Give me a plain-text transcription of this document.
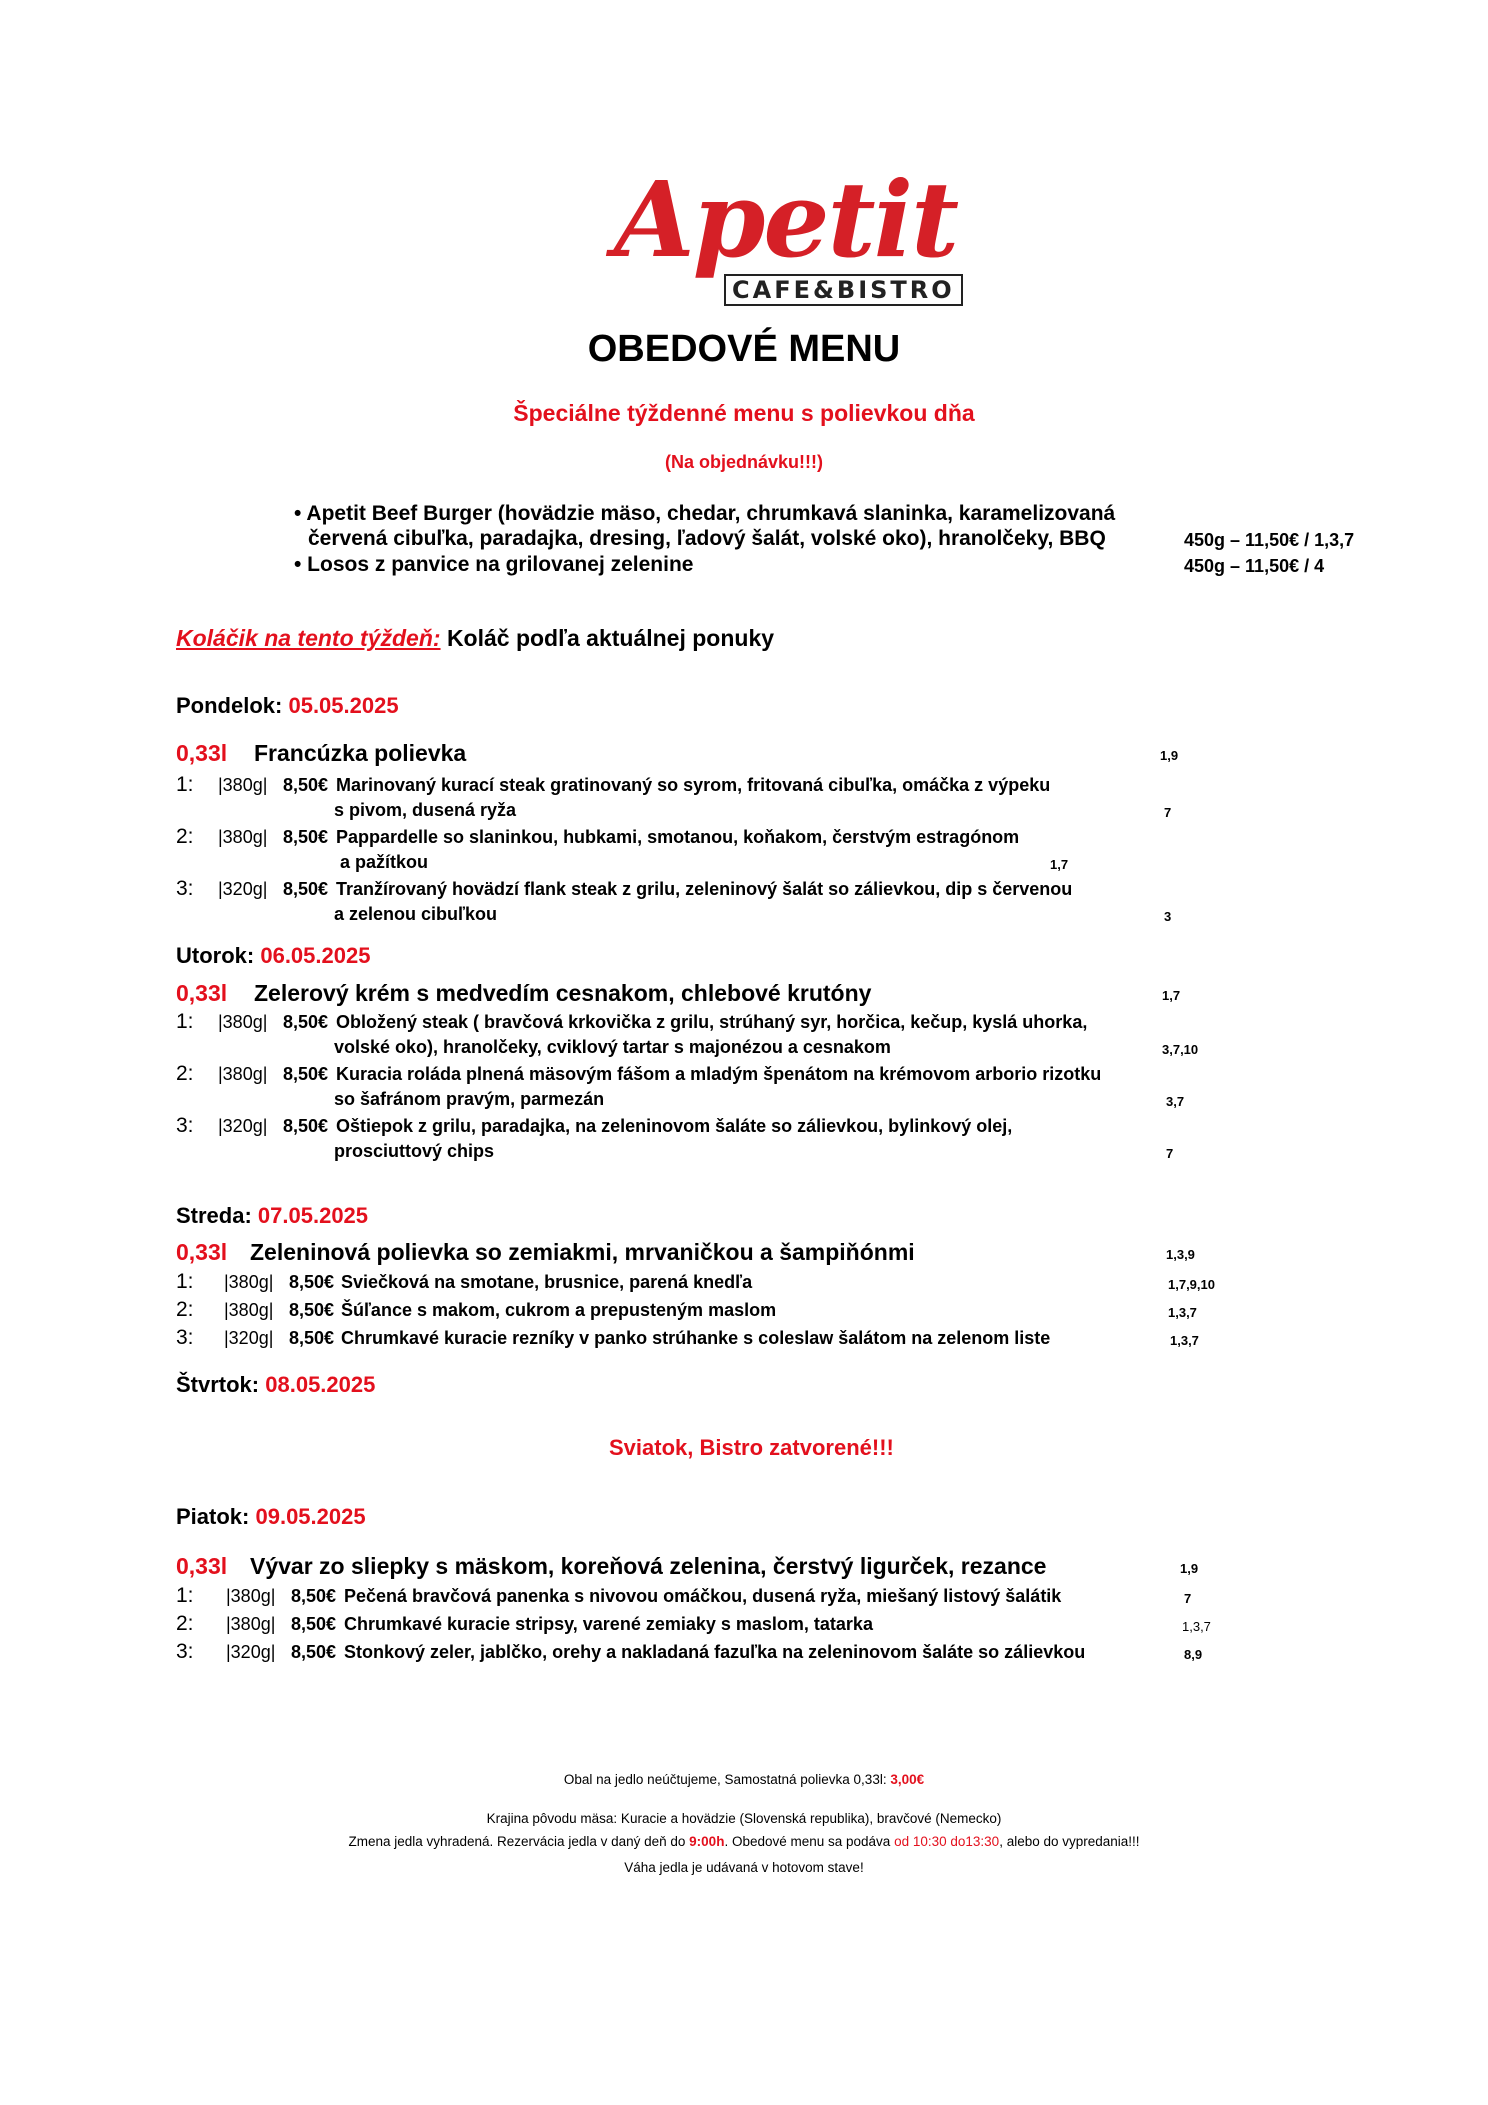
Apetit
CAFE&BISTRO
OBEDOVÉ MENU
Špeciálne týždenné menu s polievkou dňa
(Na objednávku!!!)
• Apetit Beef Burger (hovädzie mäso, chedar, chrumkavá slaninka, karamelizovaná
červená cibuľka, paradajka, dresing, ľadový šalát, volské oko), hranolčeky, BBQ	450g – 11,50€ / 1,3,7
• Losos z panvice na grilovanej zelenine	450g – 11,50€ / 4
Koláčik na tento týždeň: Koláč podľa aktuálnej ponuky
Pondelok: 05.05.2025
0,33l Francúzka polievka	1,9
1: |380g| 8,50€ Marinovaný kurací steak gratinovaný so syrom, fritovaná cibuľka, omáčka z výpeku
s pivom, dusená ryža	7
2: |380g| 8,50€ Pappardelle so slaninkou, hubkami, smotanou, koňakom, čerstvým estragónom
a pažítkou	1,7
3: |320g| 8,50€ Tranžírovaný hovädzí flank steak z grilu, zeleninový šalát so zálievkou, dip s červenou
a zelenou cibuľkou	3
Utorok: 06.05.2025
0,33l Zelerový krém s medvedím cesnakom, chlebové krutóny	1,7
1: |380g| 8,50€ Obložený steak ( bravčová krkovička z grilu, strúhaný syr, horčica, kečup, kyslá uhorka,
volské oko), hranolčeky, cviklový tartar s majonézou a cesnakom	3,7,10
2: |380g| 8,50€ Kuracia roláda plnená mäsovým fášom a mladým špenátom na krémovom arborio rizotku
so šafránom pravým, parmezán	3,7
3: |320g| 8,50€ Oštiepok z grilu, paradajka, na zeleninovom šaláte so zálievkou, bylinkový olej,
prosciuttový chips	7
Streda: 07.05.2025
0,33l Zeleninová polievka so zemiakmi, mrvaničkou a šampiňónmi	1,3,9
1: |380g| 8,50€ Sviečková na smotane, brusnice, parená knedľa	1,7,9,10
2: |380g| 8,50€ Šúľance s makom, cukrom a prepusteným maslom	1,3,7
3: |320g| 8,50€ Chrumkavé kuracie rezníky v panko strúhanke s coleslaw šalátom na zelenom liste	1,3,7
Štvrtok: 08.05.2025
Sviatok, Bistro zatvorené!!!
Piatok: 09.05.2025
0,33l Vývar zo sliepky s mäskom, koreňová zelenina, čerstvý ligurček, rezance	1,9
1: |380g| 8,50€ Pečená bravčová panenka s nivovou omáčkou, dusená ryža, miešaný listový šalátik	7
2: |380g| 8,50€ Chrumkavé kuracie stripsy, varené zemiaky s maslom, tatarka	1,3,7
3: |320g| 8,50€ Stonkový zeler, jablčko, orehy a nakladaná fazuľka na zeleninovom šaláte so zálievkou	8,9
Obal na jedlo neúčtujeme, Samostatná polievka 0,33l: 3,00€
Krajina pôvodu mäsa: Kuracie a hovädzie (Slovenská republika), bravčové (Nemecko)
Zmena jedla vyhradená. Rezervácia jedla v daný deň do 9:00h. Obedové menu sa podáva od 10:30 do13:30, alebo do vypredania!!!
Váha jedla je udávaná v hotovom stave!
